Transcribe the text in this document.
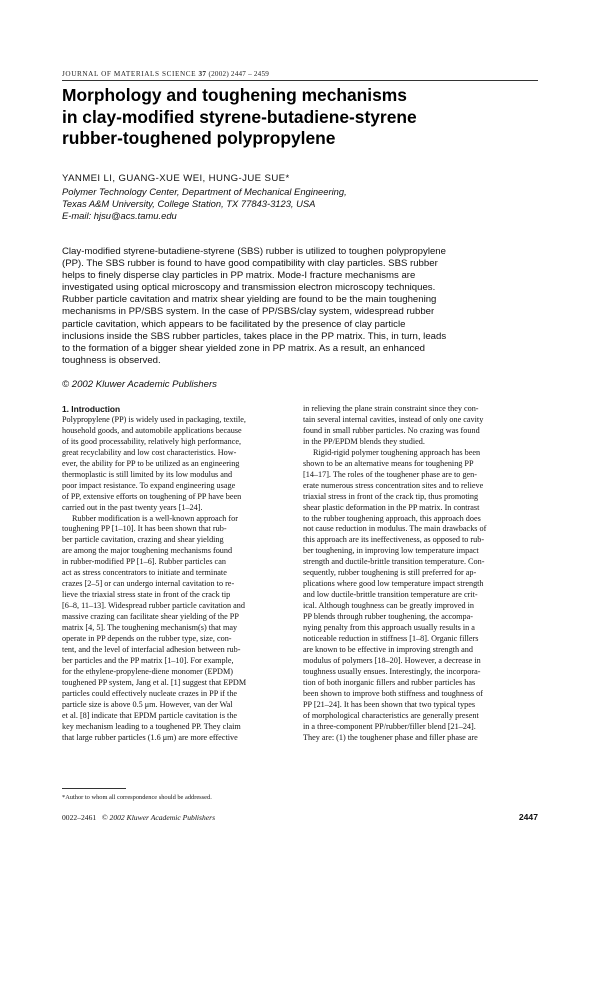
JOURNAL OF MATERIALS SCIENCE 37 (2002) 2447 – 2459
Morphology and toughening mechanisms
in clay-modified styrene-butadiene-styrene
rubber-toughened polypropylene
YANMEI LI, GUANG-XUE WEI, HUNG-JUE SUE*
Polymer Technology Center, Department of Mechanical Engineering,
Texas A&M University, College Station, TX 77843-3123, USA
E-mail: hjsu@acs.tamu.edu
Clay-modified styrene-butadiene-styrene (SBS) rubber is utilized to toughen polypropylene
(PP). The SBS rubber is found to have good compatibility with clay particles. SBS rubber
helps to finely disperse clay particles in PP matrix. Mode-I fracture mechanisms are
investigated using optical microscopy and transmission electron microscopy techniques.
Rubber particle cavitation and matrix shear yielding are found to be the main toughening
mechanisms in PP/SBS system. In the case of PP/SBS/clay system, widespread rubber
particle cavitation, which appears to be facilitated by the presence of clay particle
inclusions inside the SBS rubber particles, takes place in the PP matrix. This, in turn, leads
to the formation of a bigger shear yielded zone in PP matrix. As a result, an enhanced
toughness is observed.

© 2002 Kluwer Academic Publishers
1. Introduction
Polypropylene (PP) is widely used in packaging, textile,
household goods, and automobile applications because
of its good processability, relatively high performance,
great recyclability and low cost characteristics. How-
ever, the ability for PP to be utilized as an engineering
thermoplastic is still limited by its low modulus and
poor impact resistance. To expand engineering usage
of PP, extensive efforts on toughening of PP have been
carried out in the past twenty years [1–24].
Rubber modification is a well-known approach for
toughening PP [1–10]. It has been shown that rub-
ber particle cavitation, crazing and shear yielding
are among the major toughening mechanisms found
in rubber-modified PP [1–6]. Rubber particles can
act as stress concentrators to initiate and terminate
crazes [2–5] or can undergo internal cavitation to re-
lieve the triaxial stress state in front of the crack tip
[6–8, 11–13]. Widespread rubber particle cavitation and
massive crazing can facilitate shear yielding of the PP
matrix [4, 5]. The toughening mechanism(s) that may
operate in PP depends on the rubber type, size, con-
tent, and the level of interfacial adhesion between rub-
ber particles and the PP matrix [1–10]. For example,
for the ethylene-propylene-diene monomer (EPDM)
toughened PP system, Jang et al. [1] suggest that EPDM
particles could effectively nucleate crazes in PP if the
particle size is above 0.5 μm. However, van der Wal
et al. [8] indicate that EPDM particle cavitation is the
key mechanism leading to a toughened PP. They claim
that large rubber particles (1.6 μm) are more effective
in relieving the plane strain constraint since they con-
tain several internal cavities, instead of only one cavity
found in small rubber particles. No crazing was found
in the PP/EPDM blends they studied.
Rigid-rigid polymer toughening approach has been
shown to be an alternative means for toughening PP
[14–17]. The roles of the toughener phase are to gen-
erate numerous stress concentration sites and to relieve
triaxial stress in front of the crack tip, thus promoting
shear plastic deformation in the PP matrix. In contrast
to the rubber toughening approach, this approach does
not cause reduction in modulus. The main drawbacks of
this approach are its ineffectiveness, as opposed to rub-
ber toughening, in improving low temperature impact
strength and ductile-brittle transition temperature. Con-
sequently, rubber toughening is still preferred for ap-
plications where good low temperature impact strength
and low ductile-brittle transition temperature are crit-
ical. Although toughness can be greatly improved in
PP blends through rubber toughening, the accompa-
nying penalty from this approach usually results in a
noticeable reduction in stiffness [1–8]. Organic fillers
are known to be effective in improving strength and
modulus of polymers [18–20]. However, a decrease in
toughness usually ensues. Interestingly, the incorpora-
tion of both inorganic fillers and rubber particles has
been shown to improve both stiffness and toughness of
PP [21–24]. It has been shown that two typical types
of morphological characteristics are generally present
in a three-component PP/rubber/filler blend [21–24].
They are: (1) the toughener phase and filler phase are
*Author to whom all correspondence should be addressed.
0022–2461 © 2002 Kluwer Academic Publishers	2447
